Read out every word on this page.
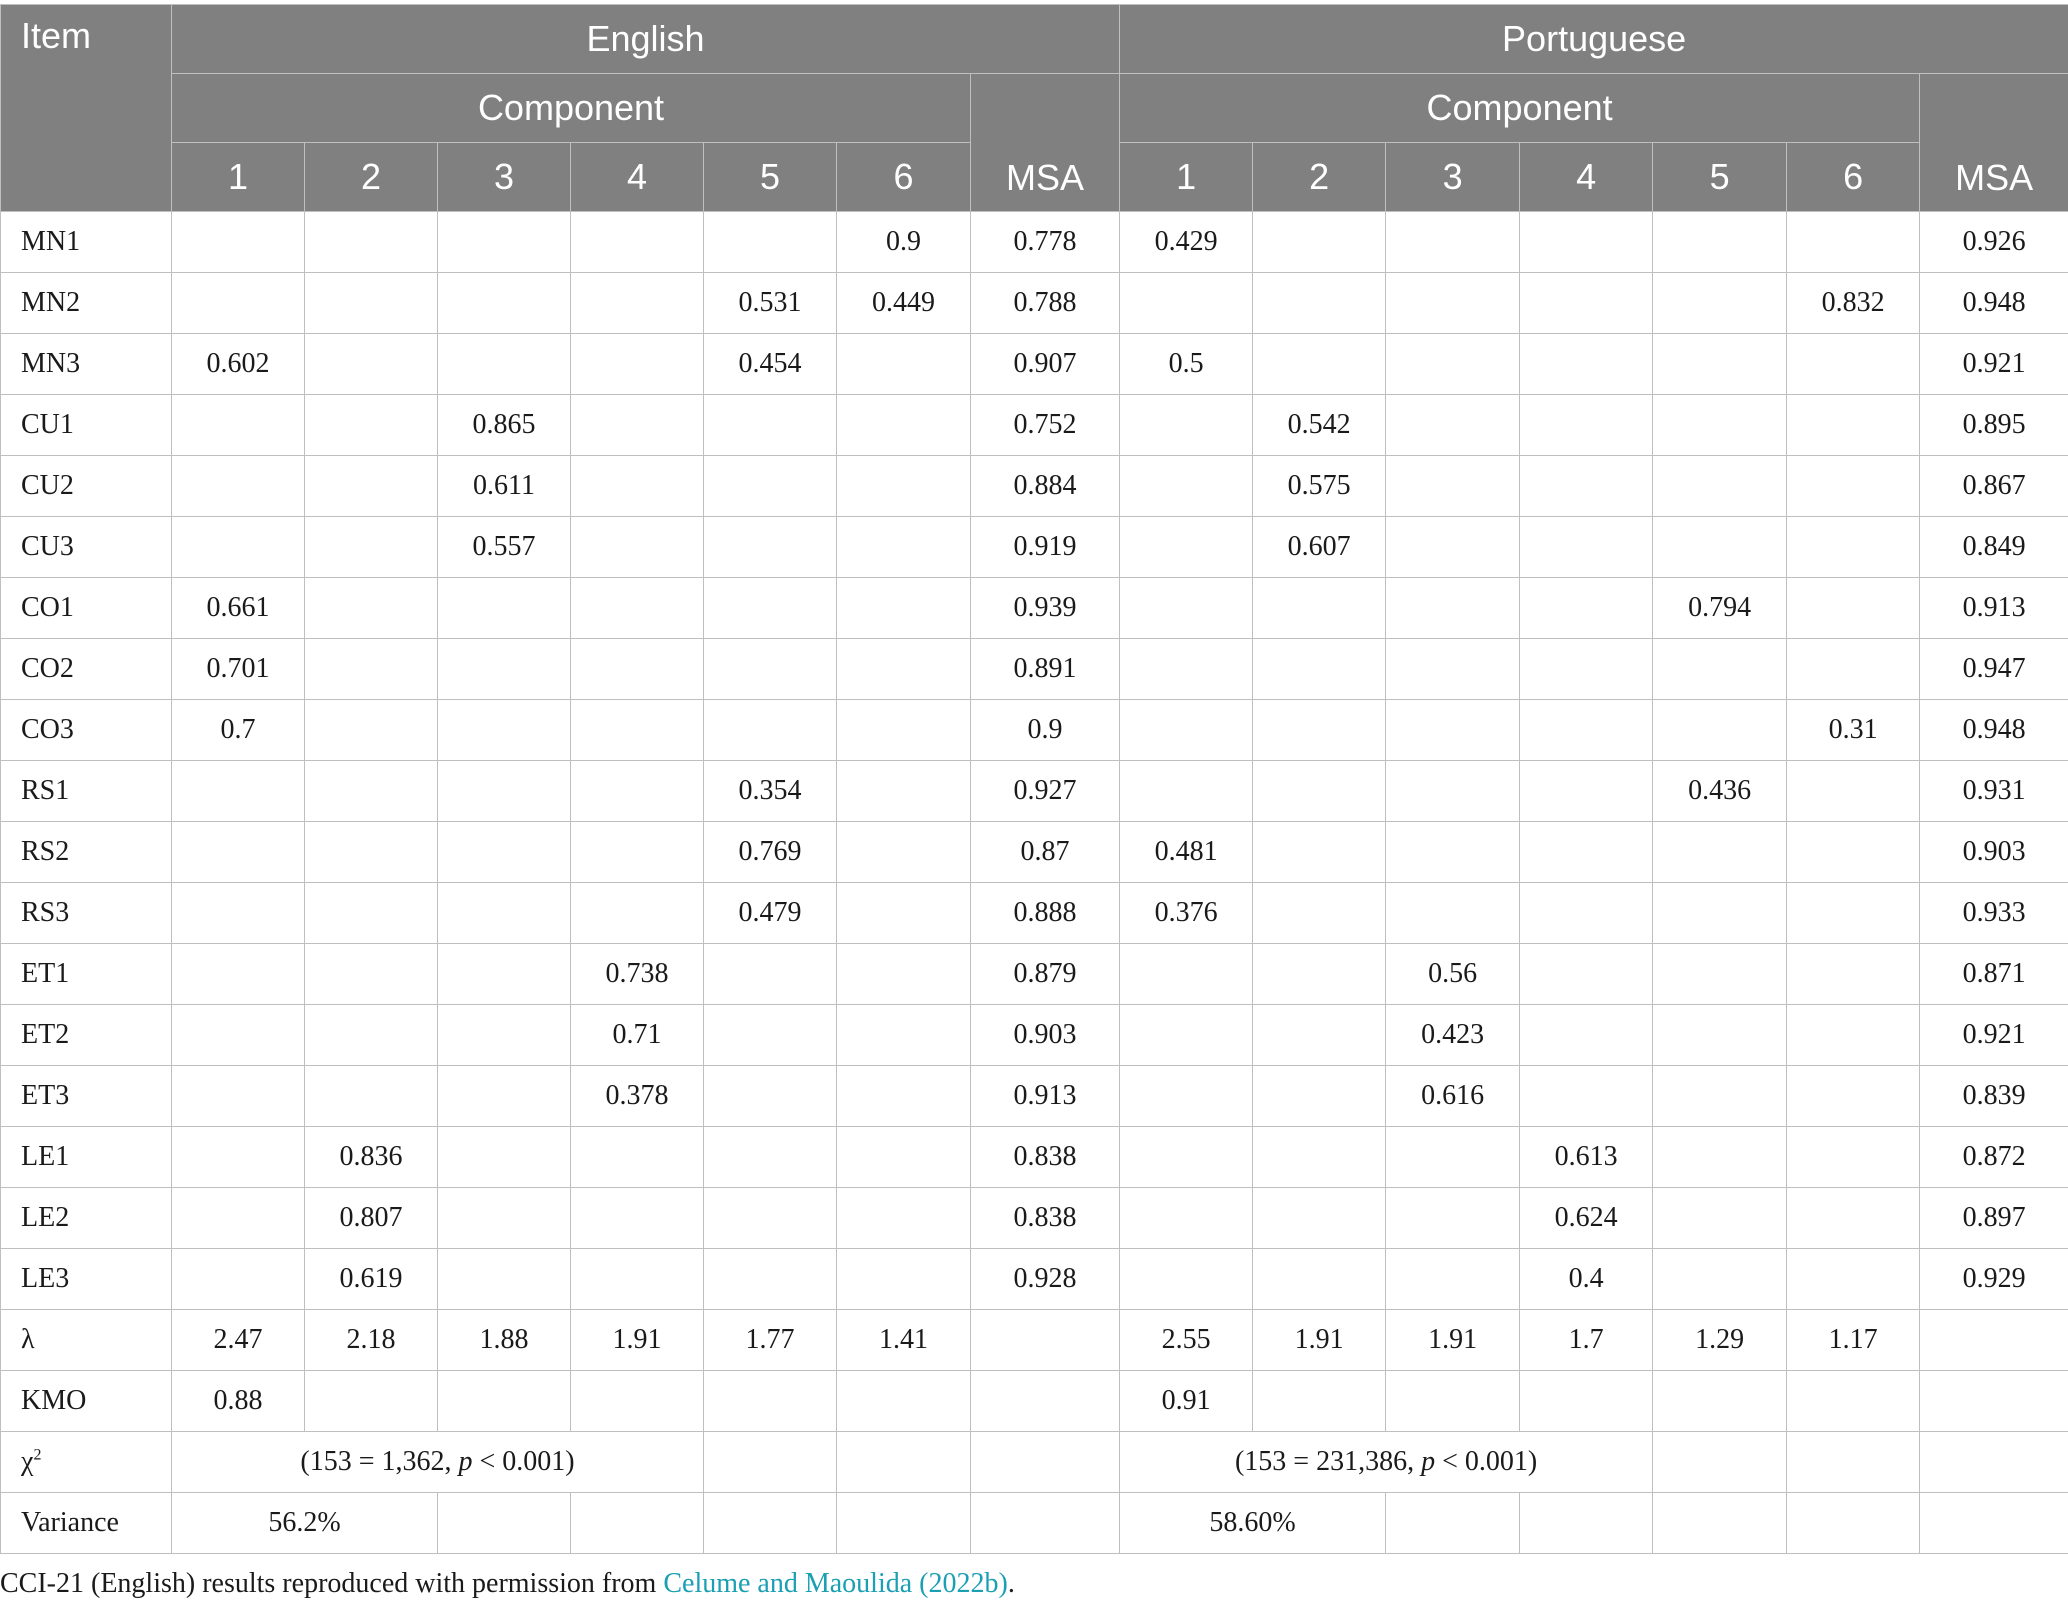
Item	English							Portuguese						
	Component						MSA	Component						MSA
	1	2	3	4	5	6		1	2	3	4	5	6	
MN1						0.9	0.778	0.429						0.926
MN2					0.531	0.449	0.788						0.832	0.948
MN3	0.602				0.454		0.907	0.5						0.921
CU1			0.865				0.752		0.542					0.895
CU2			0.611				0.884		0.575					0.867
CU3			0.557				0.919		0.607					0.849
CO1	0.661						0.939					0.794		0.913
CO2	0.701						0.891							0.947
CO3	0.7						0.9						0.31	0.948
RS1					0.354		0.927					0.436		0.931
RS2					0.769		0.87	0.481						0.903
RS3					0.479		0.888	0.376						0.933
ET1				0.738			0.879			0.56				0.871
ET2				0.71			0.903			0.423				0.921
ET3				0.378			0.913			0.616				0.839
LE1		0.836					0.838				0.613			0.872
LE2		0.807					0.838				0.624			0.897
LE3		0.619					0.928				0.4			0.929
λ	2.47	2.18	1.88	1.91	1.77	1.41		2.55	1.91	1.91	1.7	1.29	1.17	
KMO	0.88							0.91						
$\chi^2$	(153 = 1,362, p < 0.001)							(153 = 231,386, p < 0.001)						
Variance	56.2%							58.60%						
CCI-21 (English) results reproduced with permission from Celume and Maoulida (2022b).
